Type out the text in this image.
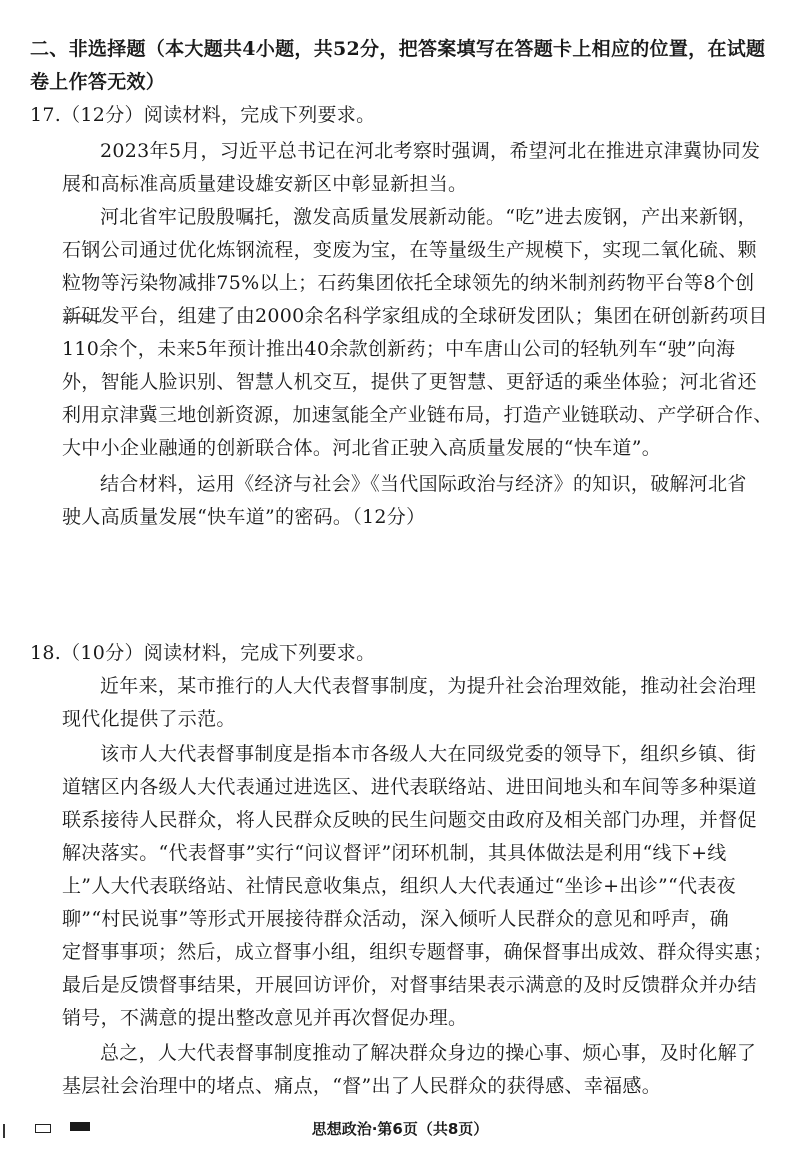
二、非选择题（本大题共4小题，共52分，把答案填写在答题卡上相应的位置，在试题
卷上作答无效）
17.（12分）阅读材料，完成下列要求。
2023年5月，习近平总书记在河北考察时强调，希望河北在推进京津冀协同发
展和高标准高质量建设雄安新区中彰显新担当。
河北省牢记殷殷嘱托，激发高质量发展新动能。“吃”进去废钢，产出来新钢，
石钢公司通过优化炼钢流程，变废为宝，在等量级生产规模下，实现二氧化硫、颗
粒物等污染物减排75%以上；石药集团依托全球领先的纳米制剂药物平台等8个创
新研发平台，组建了由2000余名科学家组成的全球研发团队；集团在研创新药项目
110余个，未来5年预计推出40余款创新药；中车唐山公司的轻轨列车“驶”向海
外，智能人脸识别、智慧人机交互，提供了更智慧、更舒适的乘坐体验；河北省还
利用京津冀三地创新资源，加速氢能全产业链布局，打造产业链联动、产学研合作、
大中小企业融通的创新联合体。河北省正驶入高质量发展的“快车道”。
结合材料，运用《经济与社会》《当代国际政治与经济》的知识，破解河北省
驶人高质量发展“快车道”的密码。（12分）
18.（10分）阅读材料，完成下列要求。
近年来，某市推行的人大代表督事制度，为提升社会治理效能，推动社会治理
现代化提供了示范。
该市人大代表督事制度是指本市各级人大在同级党委的领导下，组织乡镇、街
道辖区内各级人大代表通过进选区、进代表联络站、进田间地头和车间等多种渠道
联系接待人民群众，将人民群众反映的民生问题交由政府及相关部门办理，并督促
解决落实。“代表督事”实行“问议督评”闭环机制，其具体做法是利用“线下+线
上”人大代表联络站、社情民意收集点，组织人大代表通过“坐诊+出诊”“代表夜
聊”“村民说事”等形式开展接待群众活动，深入倾听人民群众的意见和呼声，确
定督事事项；然后，成立督事小组，组织专题督事，确保督事出成效、群众得实惠；
最后是反馈督事结果，开展回访评价，对督事结果表示满意的及时反馈群众并办结
销号，不满意的提出整改意见并再次督促办理。
总之，人大代表督事制度推动了解决群众身边的操心事、烦心事，及时化解了
基层社会治理中的堵点、痛点，“督”出了人民群众的获得感、幸福感。
思想政治·第6页（共8页）
